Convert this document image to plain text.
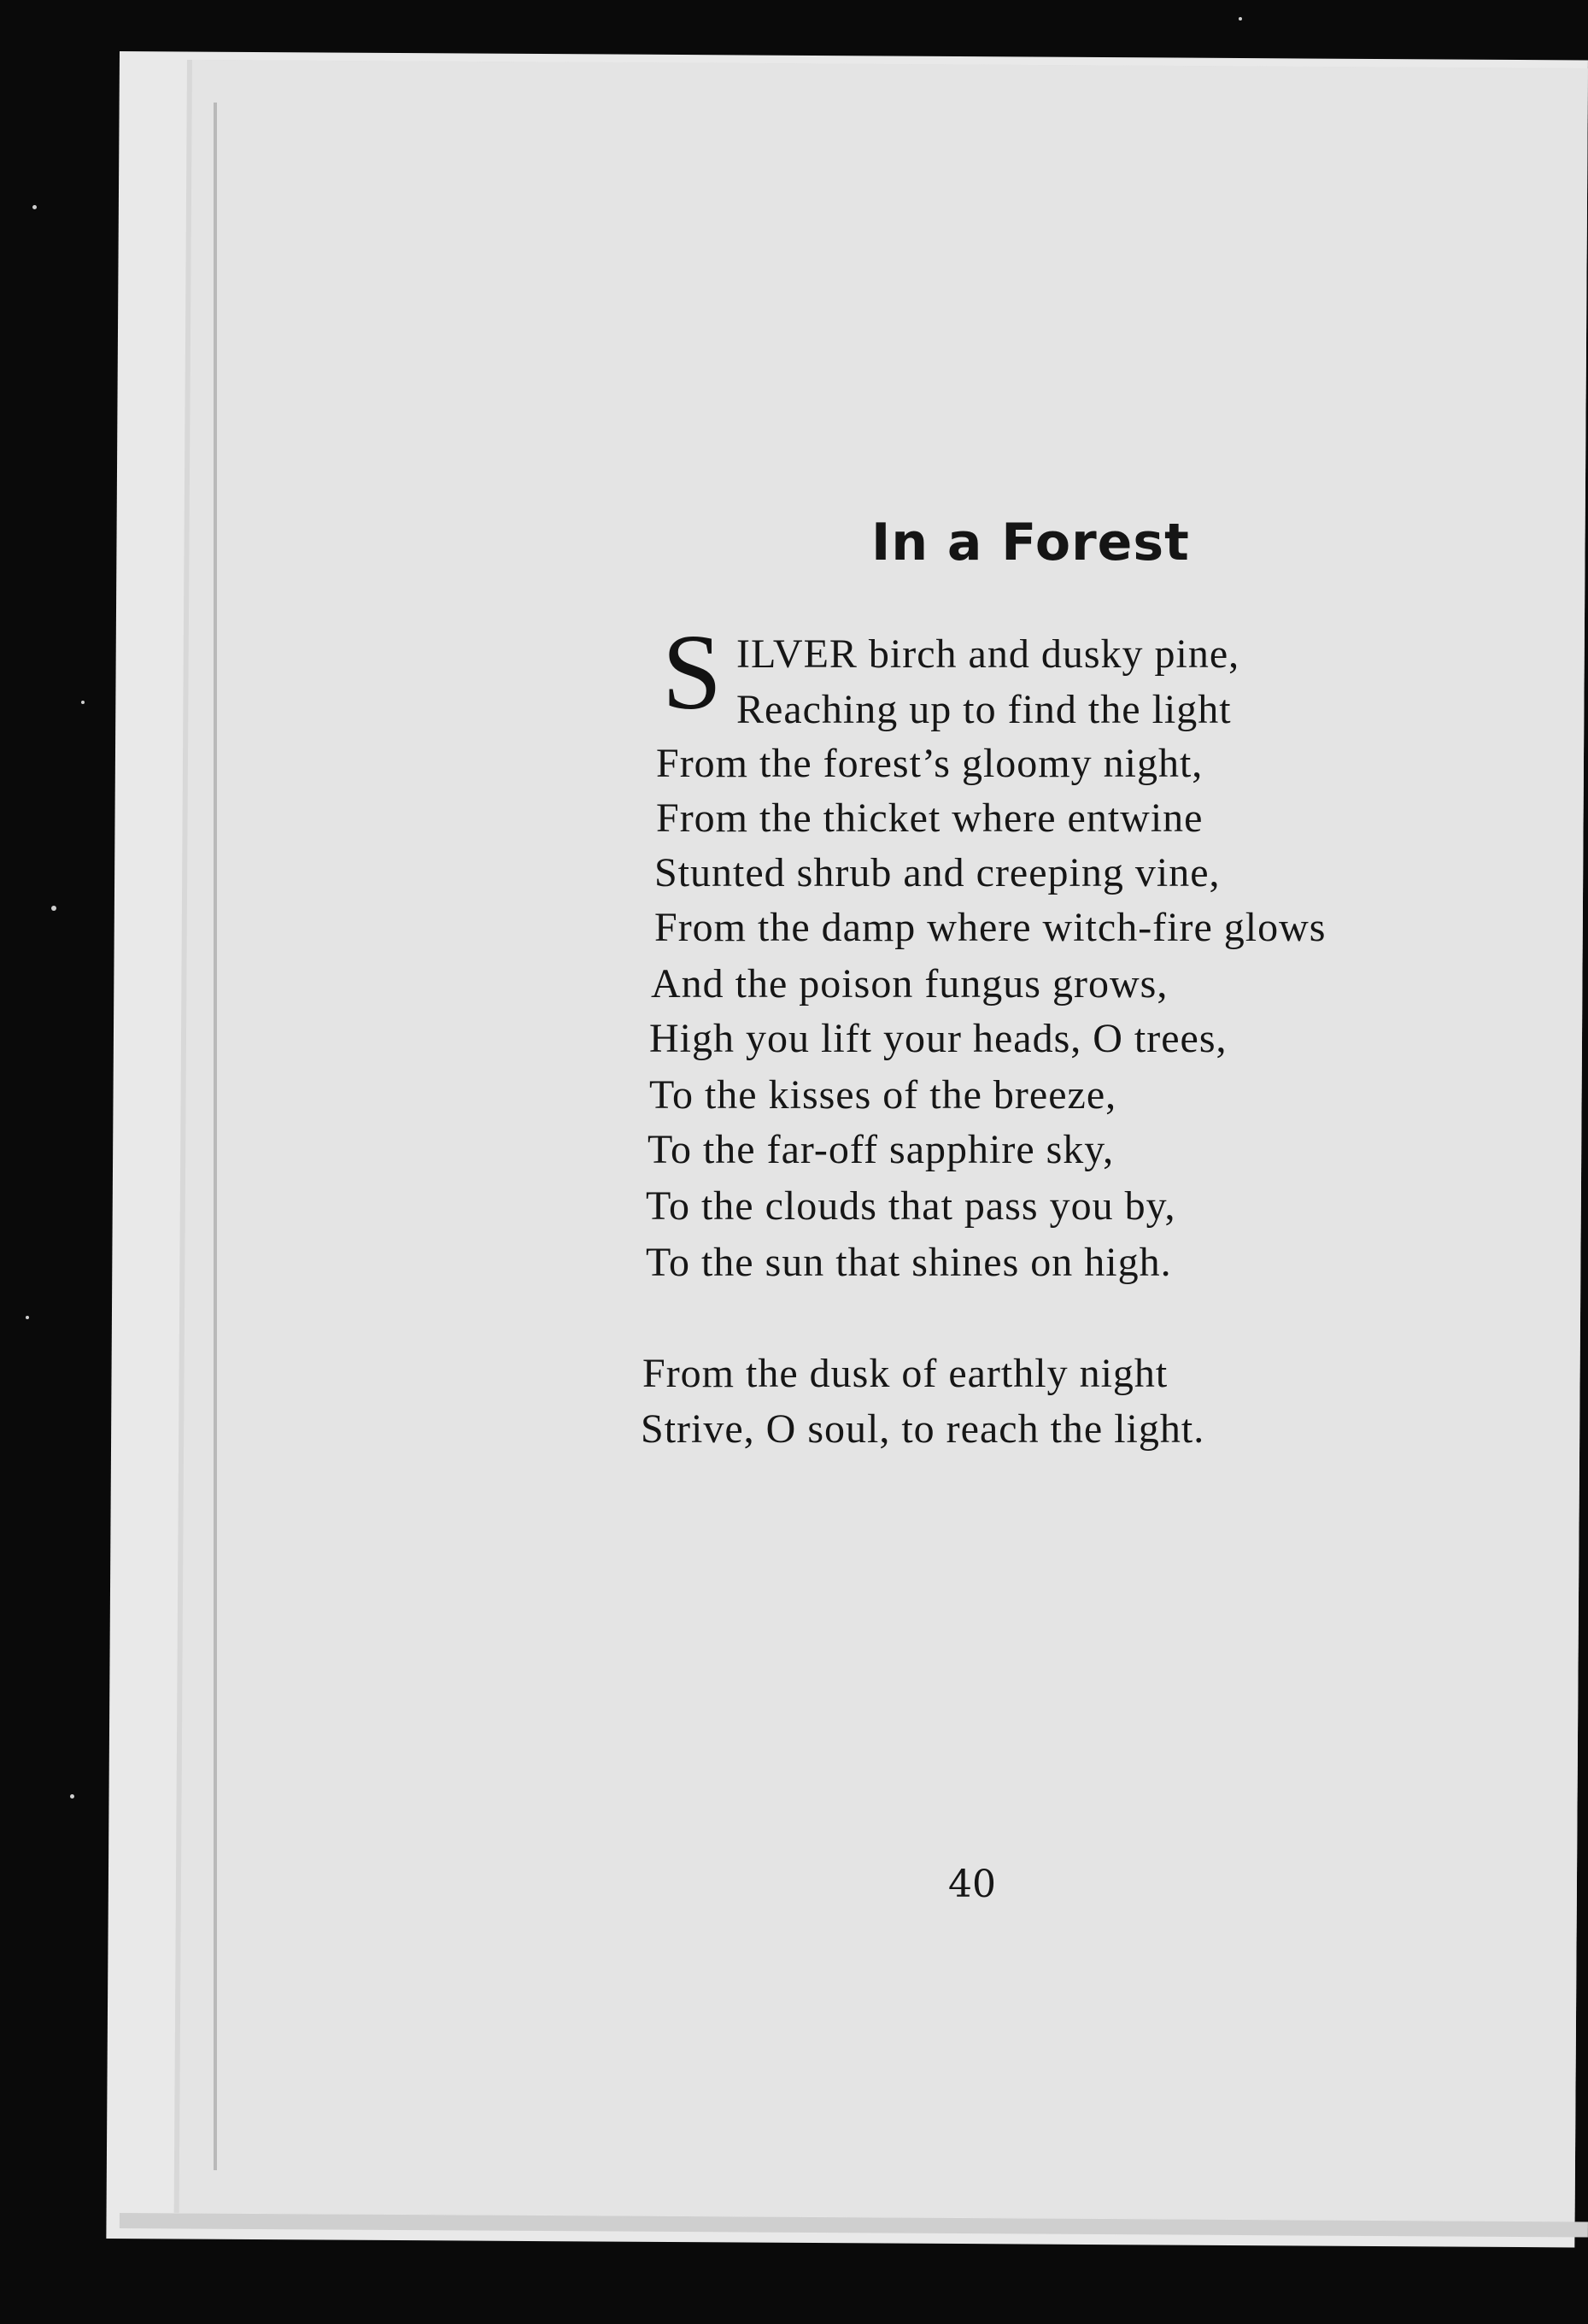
In a Forest
S ILVER birch and dusky pine,
Reaching up to find the light
From the forest’s gloomy night,
From the thicket where entwine
Stunted shrub and creeping vine,
From the damp where witch-fire glows
And the poison fungus grows,
High you lift your heads, O trees,
To the kisses of the breeze,
To the far-off sapphire sky,
To the clouds that pass you by,
To the sun that shines on high.
From the dusk of earthly night
Strive, O soul, to reach the light.
40
